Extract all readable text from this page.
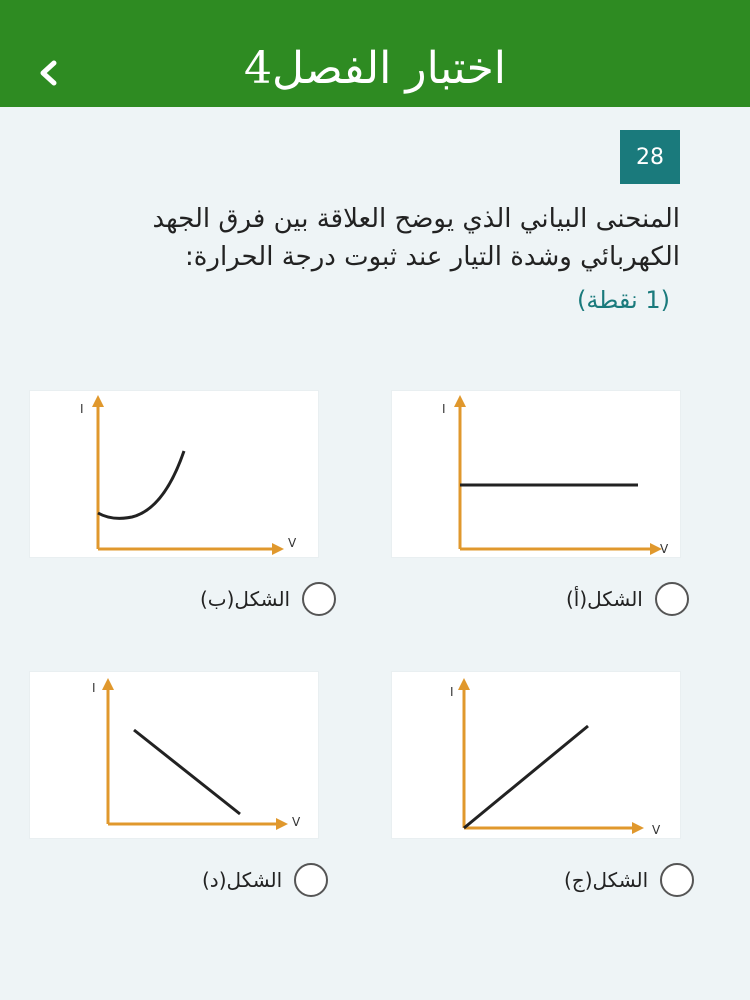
اختبار الفصل4
28
المنحنى البياني الذي يوضح العلاقة بين فرق الجهد الكهربائي وشدة التيار عند ثبوت درجة الحرارة:
(1 نقطة)
I
V
I
V
I
V
I
V
الشكل(أ)
الشكل(ب)
الشكل(ج)
الشكل(د)
